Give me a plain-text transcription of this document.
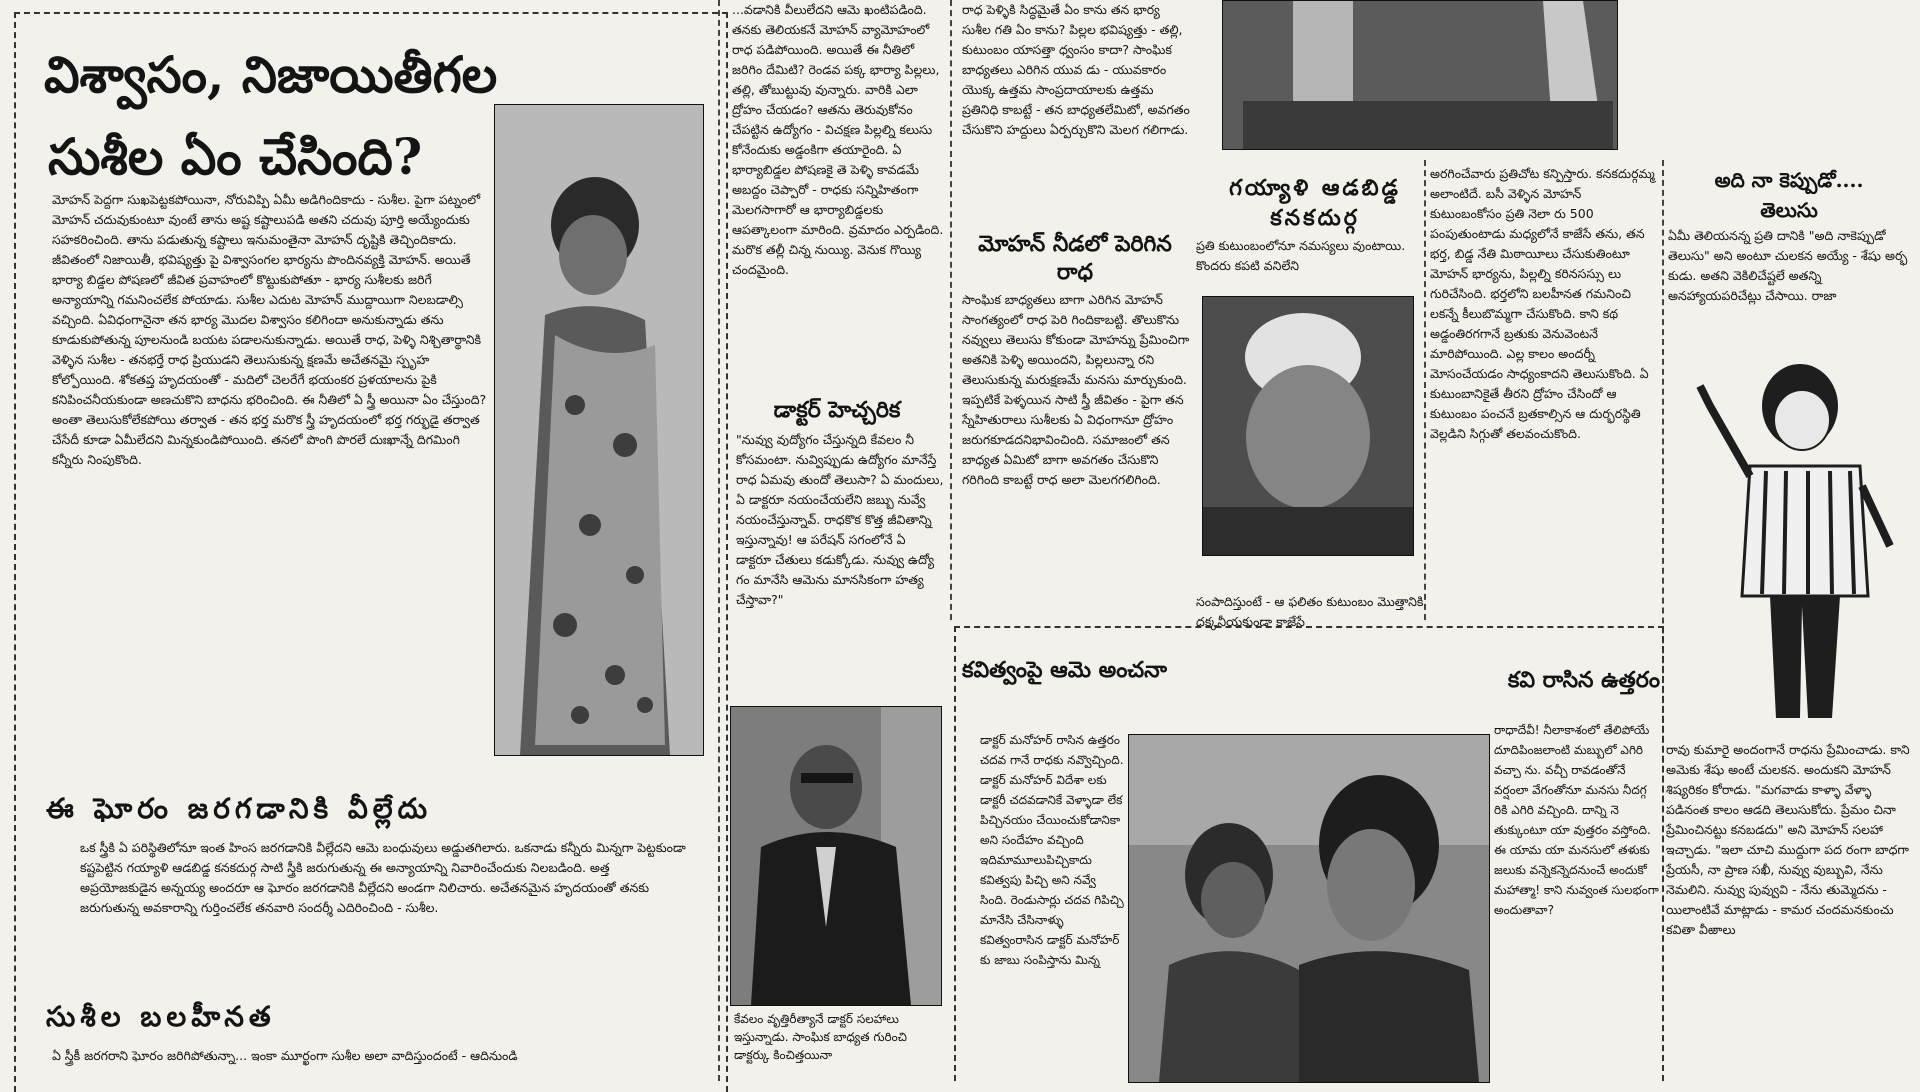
విశ్వాసం, నిజాయితీగల
సుశీల ఏం చేసింది?

మోహన్ పెద్దగా సుఖపెట్టకపోయినా, నోరువిప్పి ఏమీ అడిగిందికాదు - సుశీల. పైగా పట్నంలో మోహన్ చదువుకుంటూ వుంటే తాను అష్ట కష్టాలుపడి అతని చదువు పూర్తి అయ్యేందుకు సహకరించింది. తాను పడుతున్న కష్టాలు ఇనుమంతైనా మోహన్ దృష్టికి తెచ్చిందికాదు. జీవితంలో నిజాయితీ, భవిష్యత్తు పై విశ్వాసంగల భార్యను పొందినవ్యక్తి మోహన్. అయితే భార్యా బిడ్డల పోషణలో జీవిత ప్రవాహంలో కొట్టుకుపోతూ - భార్య సుశీలకు జరిగే అన్యాయాన్ని గమనించలేక పోయాడు. సుశీల ఎదుట మోహన్ ముద్దాయిగా నిలబడాల్సి వచ్చింది. ఏవిధంగానైనా తన భార్య మొదల విశ్వాసం కలిగిందా అనుకున్నాడు తను కూడుకుపోతున్న పూలనుండి బయట పడాలనుకున్నాడు. అయితే రాధ, పెళ్ళి నిశ్చితార్థానికి వెళ్ళిన సుశీల - తనభర్తే రాధ ప్రియుడని తెలుసుకున్న క్షణమే అచేతనమై స్పృహ కోల్పోయింది. శోకతప్త హృదయంతో - మదిలో చెలరేగే భయంకర ప్రళయాలను పైకి కనిపించనీయకుండా అణచుకొని బాధను భరించింది. ఈ నీతిలో ఏ స్త్రీ అయినా ఏం చేస్తుంది? అంతా తెలుసుకోలేకపోయి తర్వాత - తన భర్త మరొక స్త్రీ హృదయంలో భర్త గర్భుడై తర్వాత చేసేదీ కూడా ఏమీలేదని మిన్నకుండిపోయింది. తనలో పొంగి పొరలే దుఃఖాన్నే దిగమింగి కన్నీరు నింపుకొంది.

ఈ ఘోరం జరగడానికి వీల్లేదు

ఒక స్త్రీకి ఏ పరిస్థితిలోనూ ఇంత హింస జరగడానికి వీల్లేదని ఆమె బంధువులు అడ్డుతగిలారు. ఒకనాడు కన్నీరు మిన్నగా పెట్టకుండా కష్టపెట్టిన గయ్యాళి ఆడబిడ్డ కనకదుర్గ సాటి స్త్రీకి జరుగుతున్న ఈ అన్యాయాన్ని నివారించేందుకు నిలబడింది. అత్త అప్రయోజకుడైన అన్నయ్య అందరూ ఆ ఘోరం జరగడానికి వీల్లేదని అండగా నిలిచారు. అచేతనమైన హృదయంతో తనకు జరుగుతున్న అవకారాన్ని గుర్తించలేక తనవారి సందర్శీ ఎదిరించింది - సుశీల.

సుశీల బలహీనత

ఏ స్త్రీకీ జరగరాని ఘోరం జరిగిపోతున్నా... ఇంకా మూర్ఖంగా సుశీల అలా వాదిస్తుందంటే - ఆదినుండి

...వడానికి వీలులేదని ఆమె ఖంటిపడింది. తనకు తెలియకనే మోహన్ వ్యామోహంలో రాధ పడిపోయింది. అయితే ఈ నీతిలో జరిగిం దేమిటి? రెండవ పక్క భార్యా పిల్లలు, తల్లి, తోబుట్టువు వున్నారు. వారికి ఎలా ద్రోహం చేయడం? ఆతను తెరువుకోనం చేపట్టిన ఉద్యోగం - విచక్షణ పిల్లల్ని కలుసు కోనేందుకు అడ్డంకిగా తయారైంది. ఏ భార్యాబిడ్డల పోషణకై తె పెళ్ళి కావడమే అబద్దం చెప్పారో - రాధకు సన్నిహితంగా మెలగసాగారో ఆ భార్యాబిడ్డలకు ఆపత్కాలంగా మారింది. వ్రమాదం ఎర్పడింది. మరొక తల్లీ చిన్న నుయ్యి. వెనుక గొయ్యి చందమైంది.

డాక్టర్ హెచ్చరిక

"నువ్వు వుద్యోగం చేస్తున్నది కేవలం నీ కోసమంటా. నువ్విప్పుడు ఉద్యోగం మానేస్తే రాధ ఏమవు తుందో తెలుసా? ఏ మందులు, ఏ డాక్టరూ నయంచేయలేని జబ్బు నువ్వే నయంచేస్తున్నావ్. రాధకొక కొత్త జీవితాన్ని ఇస్తున్నావు! ఆ పరేషన్ సగంలోనే ఏ డాక్టరూ చేతులు కడుక్కోడు. నువ్వు ఉద్యో గం మానేసి ఆమెను మానసికంగా హత్య చేస్తావా?"

కేవలం వృత్తిరీత్యానే డాక్టర్ సలహాలు ఇస్తున్నాడు. సాంఘిక బాధ్యత గురించి డాక్టర్కు కించిత్తయినా

రాధ పెళ్ళికి సిద్ధమైతే ఏం కాను తన భార్య సుశీల గతి ఏం కాను? పిల్లల భవిష్యత్తు - తల్లి, కుటుంబం యాసత్తా ధ్వంసం కాదా? సాంఘిక బాధ్యతలు ఎరిగిన యువ డు - యువకారం యొక్క ఉత్తమ సాంప్రదాయాలకు ఉత్తమ ప్రతినిధి కాబట్టే - తన బాధ్యతలేమిటో, అవగతం చేసుకొని హద్దులు ఏర్పర్చుకొని మెలగ గలిగాడు.

మోహన్ నీడలో పెరిగిన రాధ

సాంఘిక బాధ్యతలు బాగా ఎరిగిన మోహన్ సాంగత్యంలో రాధ పెరి గిందికాబట్టి. తొలుకొను నవ్వులు తెలుసు కోకుండా మోహన్ను ప్రేమించిగా అతనికి పెళ్ళి అయిందని, పిల్లలున్నా రని తెలుసుకున్న మరుక్షణమే మనసు మార్చుకుంది. ఇప్పటికే పెళ్ళయిన సాటి స్త్రీ జీవితం - పైగా తన స్నేహితురాలు సుశీలకు ఏ విధంగానూ ద్రోహం జరుగకూడదనిభావించింది. సమాజంలో తన బాధ్యత ఏమిటో బాగా అవగతం చేసుకొని గరిగింది కాబట్టే రాధ అలా మెలగగలిగింది.

గయ్యాళి ఆడబిడ్డ
కనకదుర్గ

ప్రతి కుటుంబంలోనూ నమస్యలు వుంటాయి. కొందరు కపటి వనిలేని

సంపాదిస్తుంటే - ఆ ఫలితం కుటుంబం మొత్తానికి దక్కనీయకుండా కాజేసే

అరగించేవారు ప్రతిచోట కన్పిస్తారు. కనకదుర్గమ్మ అలాంటిదే. బసీ వెళ్ళిన మోహన్ కుటుంబంకోసం ప్రతి నెలా రు 500 పంపుతుంటాడు మధ్యలోనే కాజేసే తను, తన భర్త, బిడ్డ నేతి మిఠాయీలు చేసుకుతింటూ మోహన్ భార్యను, పిల్లల్ని కరినసస్సు లు గురిచేసింది. భర్తలోని బలహీనత గమనించి లకన్నే కీలుబొమ్మగా చేసుకొంది. కాని కథ అడ్డంతిరగగానే బ్రతుకు వెనువెంటనే మారిపోయింది. ఎల్ల కాలం అందర్నీ మోసంచేయడం సాధ్యంకాదని తెలుసుకొంది. ఏ కుటుంబానికైతే తీరని ద్రోహం చేసిందో ఆ కుటుంబం పంచనే బ్రతకాల్సిన ఆ దుర్భరస్థితి వెల్లడిని సిగ్గుతో తలవంచుకొంది.

అది నా కెప్పుడో....
తెలుసు

ఏమీ తెలియనన్న ప్రతి దానికి "అది నాకెప్పుడో తెలుసు" అని అంటూ చులకన అయ్యే - శేషు అర్భ కుడు. అతని వెకిలిచేష్టలే అతన్ని అనహ్యాయపరిచేట్లు చేసాయి. రాజా

రావు కుమారై అందంగానే రాధను ప్రేమించాడు. కాని అమెకు శేషు అంటే చులకన. అందుకని మోహన్ శిష్యరికం కోరాడు. "మగవాడు కాళ్ళా వేళ్ళా పడినంత కాలం ఆడది తెలుసుకోదు. ప్రేమం చినా ప్రేమించినట్టు కనబడదు" అని మోహన్ సలహా ఇచ్చాడు. "ఇలా చూచి ముద్దుగా పద రంగా బాధగా ప్రేయసీ, నా ప్రాణ సఖీ, నువ్వు వుబ్బువి, నేను నెమలిని. నువ్వు పువ్వువి - నేను తుమ్మెదను - యిలాంటివే మాట్లాడు - కామర చందమనకుంచు కవితా వీఱాలు

కవిత్వంపై ఆమె అంచనా

డాక్టర్ మనోహర్ రాసిన ఉత్తరం చదవ గానే రాధకు నవ్వొచ్చింది. డాక్టర్ మనోహర్ విదేశా లకు డాక్టరీ చదవడానికే వెళ్ళాడా లేక పిచ్చినయం చేయించుకోడానికా అని సందేహం వచ్చింది ఇదిమామూలుపిచ్చికాదు కవిత్వపు పిచ్చి అని నవ్వే సింది. రెండుసార్లు చదవ గిపిచ్చి మానేసి చేసినాళ్ళు కవిత్వంరాసిన డాక్టర్ మనోహర్ కు జాబు సంపిస్తాను మిన్న

కవి రాసిన ఉత్తరం

రాధాదేవీ! నీలాకాశంలో తేలిపోయే దూదిపింజలాంటి మబ్బులో ఎగిరి వచ్చా ను. వచ్చీ రావడంతోనే వర్షంలా వేగంతోనూ మనసు నీదగ్గ రికి ఎగిరి వచ్చింది. దాన్ని నె తుక్కుంటూ యా వుత్తరం వస్తోంది. ఈ యామ యా మనసులో తళుకు జలుకు వన్నెకన్నెదనుంచే అందుకో మహాత్మా! కాని నువ్వంత సులభంగా అందుతావా?
